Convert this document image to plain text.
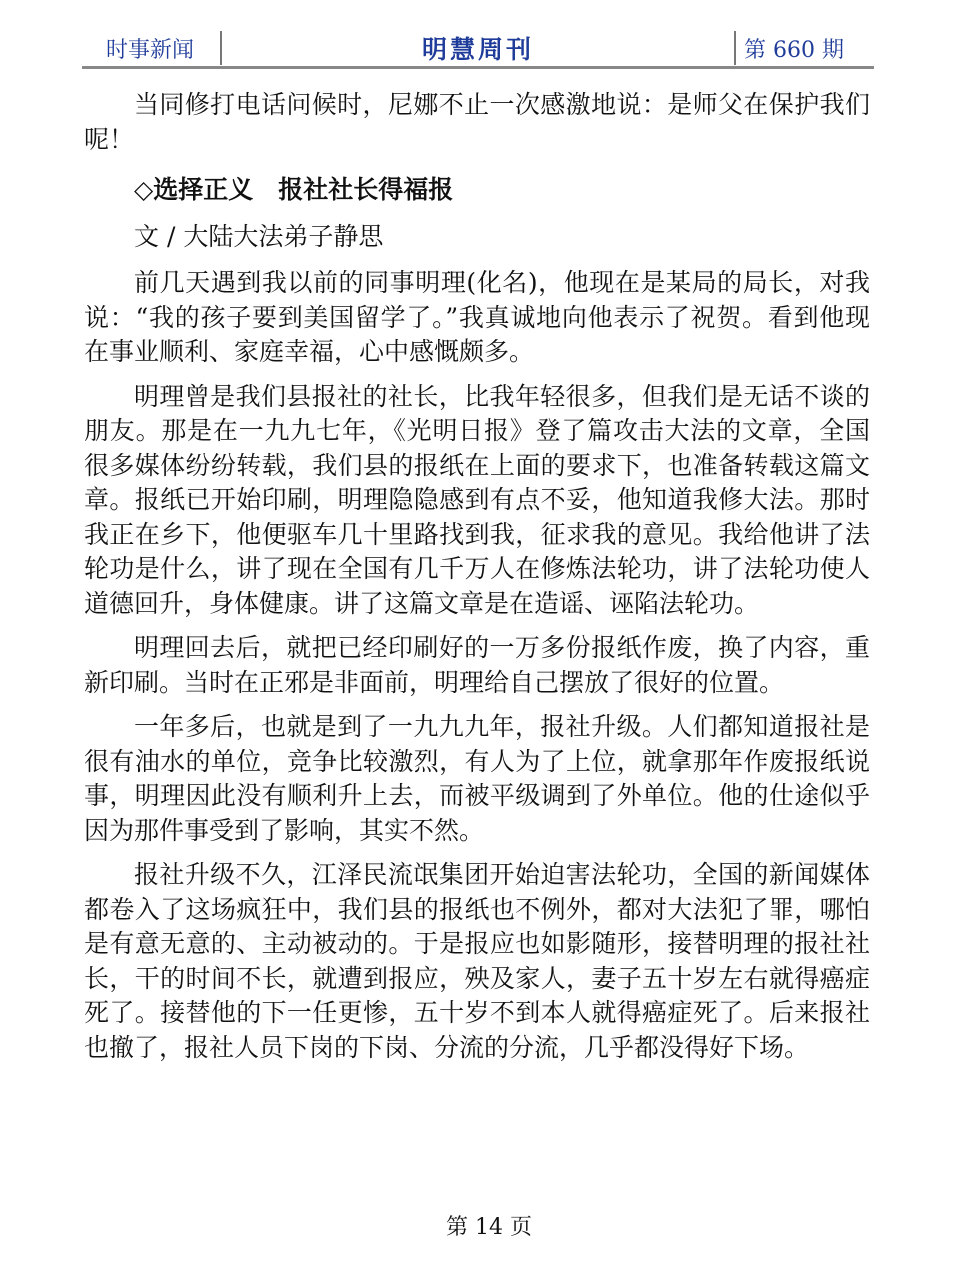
时事新闻	明慧周刊	第 660 期

当同修打电话问候时，尼娜不止一次感激地说：是师父在保护我们呢！

◇选择正义　报社社长得福报

文 / 大陆大法弟子静思

前几天遇到我以前的同事明理(化名)，他现在是某局的局长，对我说：“我的孩子要到美国留学了。”我真诚地向他表示了祝贺。看到他现在事业顺利、家庭幸福，心中感慨颇多。

明理曾是我们县报社的社长，比我年轻很多，但我们是无话不谈的朋友。那是在一九九七年，《光明日报》登了篇攻击大法的文章，全国很多媒体纷纷转载，我们县的报纸在上面的要求下，也准备转载这篇文章。报纸已开始印刷，明理隐隐感到有点不妥，他知道我修大法。那时我正在乡下，他便驱车几十里路找到我，征求我的意见。我给他讲了法轮功是什么，讲了现在全国有几千万人在修炼法轮功，讲了法轮功使人道德回升，身体健康。讲了这篇文章是在造谣、诬陷法轮功。

明理回去后，就把已经印刷好的一万多份报纸作废，换了内容，重新印刷。当时在正邪是非面前，明理给自己摆放了很好的位置。

一年多后，也就是到了一九九九年，报社升级。人们都知道报社是很有油水的单位，竞争比较激烈，有人为了上位，就拿那年作废报纸说事，明理因此没有顺利升上去，而被平级调到了外单位。他的仕途似乎因为那件事受到了影响，其实不然。

报社升级不久，江泽民流氓集团开始迫害法轮功，全国的新闻媒体都卷入了这场疯狂中，我们县的报纸也不例外，都对大法犯了罪，哪怕是有意无意的、主动被动的。于是报应也如影随形，接替明理的报社社长，干的时间不长，就遭到报应，殃及家人，妻子五十岁左右就得癌症死了。接替他的下一任更惨，五十岁不到本人就得癌症死了。后来报社也撤了，报社人员下岗的下岗、分流的分流，几乎都没得好下场。

第 14 页
